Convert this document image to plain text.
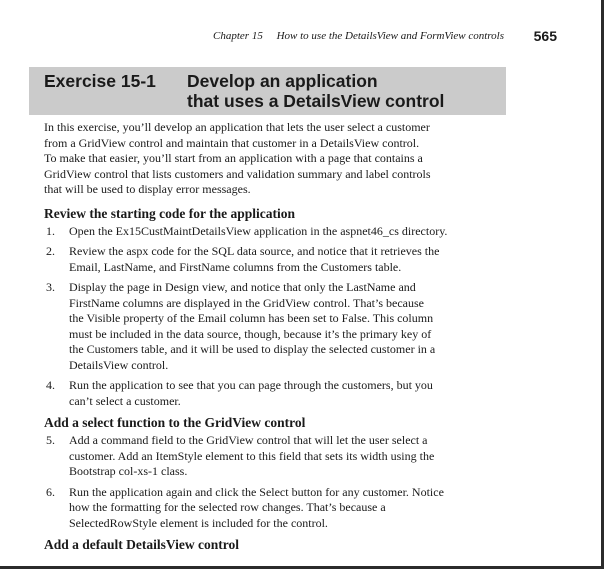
Chapter 15 How to use the DetailsView and FormView controls 565
Exercise 15-1 Develop an application
that uses a DetailsView control

In this exercise, you’ll develop an application that lets the user select a customer
from a GridView control and maintain that customer in a DetailsView control.
To make that easier, you’ll start from an application with a page that contains a
GridView control that lists customers and validation summary and label controls
that will be used to display error messages.

Review the starting code for the application
1. Open the Ex15CustMaintDetailsView application in the aspnet46_cs directory.
2. Review the aspx code for the SQL data source, and notice that it retrieves the
Email, LastName, and FirstName columns from the Customers table.
3. Display the page in Design view, and notice that only the LastName and
FirstName columns are displayed in the GridView control. That’s because
the Visible property of the Email column has been set to False. This column
must be included in the data source, though, because it’s the primary key of
the Customers table, and it will be used to display the selected customer in a
DetailsView control.
4. Run the application to see that you can page through the customers, but you
can’t select a customer.
Add a select function to the GridView control
5. Add a command field to the GridView control that will let the user select a
customer. Add an ItemStyle element to this field that sets its width using the
Bootstrap col-xs-1 class.
6. Run the application again and click the Select button for any customer. Notice
how the formatting for the selected row changes. That’s because a
SelectedRowStyle element is included for the control.
Add a default DetailsView control
